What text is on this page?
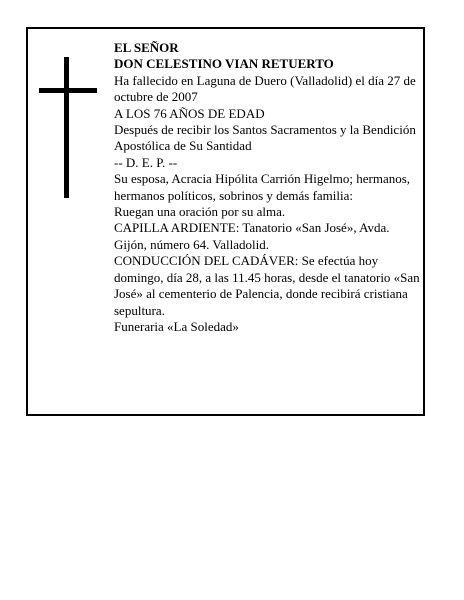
EL SEÑOR

DON CELESTINO VIAN RETUERTO

Ha fallecido en Laguna de Duero (Valladolid) el día 27 de octubre de 2007

A LOS 76 AÑOS DE EDAD

Después de recibir los Santos Sacramentos y la Bendición Apostólica de Su Santidad

-- D. E. P. --

Su esposa, Acracia Hipólita Carrión Higelmo; hermanos, hermanos políticos, sobrinos y demás familia:

Ruegan una oración por su alma.

CAPILLA ARDIENTE: Tanatorio «San José», Avda. Gijón, número 64. Valladolid.

CONDUCCIÓN DEL CADÁVER: Se efectúa hoy domingo, día 28, a las 11.45 horas, desde el tanatorio «San José» al cementerio de Palencia, donde recibirá cristiana sepultura.

Funeraria «La Soledad»
